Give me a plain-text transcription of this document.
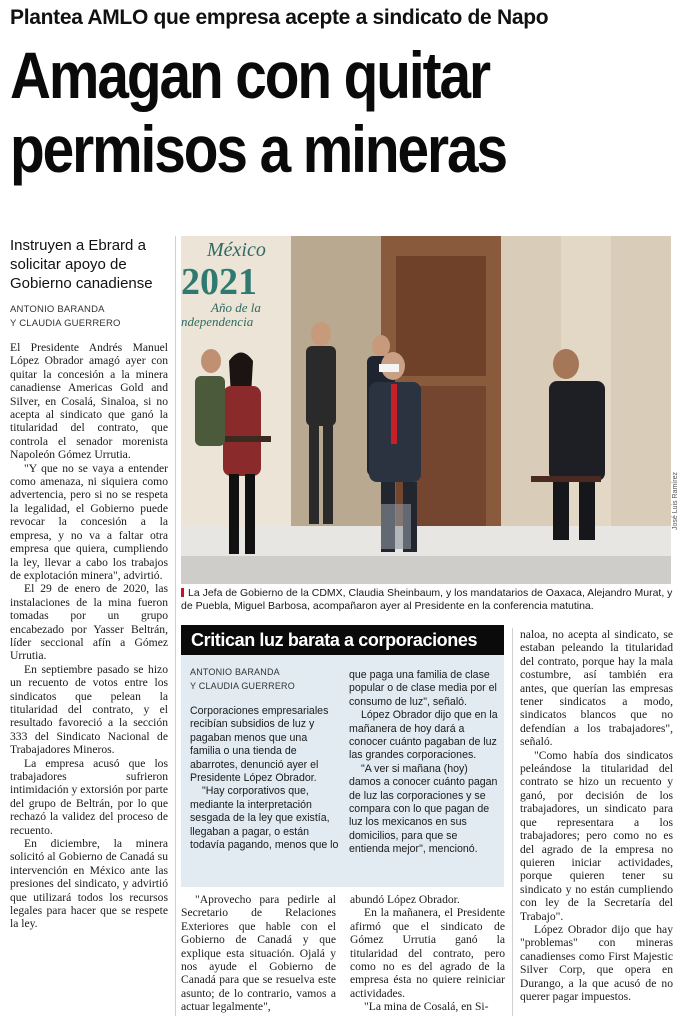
Plantea AMLO que empresa acepte a sindicato de Napo
Amagan con quitar
permisos a mineras
Instruyen a Ebrard a solicitar apoyo de Gobierno canadiense
ANTONIO BARANDA
Y CLAUDIA GUERRERO

El Presidente Andrés Manuel López Obrador amagó ayer con quitar la concesión a la minera canadiense Americas Gold and Silver, en Cosalá, Sinaloa, si no acepta al sindicato que ganó la titularidad del contrato, que controla el senador morenista Napoleón Gómez Urrutia.

"Y que no se vaya a entender como amenaza, ni siquiera como advertencia, pero si no se respeta la legalidad, el Gobierno puede revocar la concesión a la empresa, y no va a faltar otra empresa que quiera, cumpliendo la ley, llevar a cabo los trabajos de explotación minera", advirtió.

El 29 de enero de 2020, las instalaciones de la mina fueron tomadas por un grupo encabezado por Yasser Beltrán, líder seccional afín a Gómez Urrutia.

En septiembre pasado se hizo un recuento de votos entre los sindicatos que pelean la titularidad del contrato, y el resultado favoreció a la sección 333 del Sindicato Nacional de Trabajadores Mineros.

La empresa acusó que los trabajadores sufrieron intimidación y extorsión por parte del grupo de Beltrán, por lo que rechazó la validez del proceso de recuento.

En diciembre, la minera solicitó al Gobierno de Canadá su intervención en México ante las presiones del sindicato, y advirtió que utilizará todos los recursos legales para hacer que se respete la ley.

México
2021
Año de la
ndependencia
José Luis Ramírez
La Jefa de Gobierno de la CDMX, Claudia Sheinbaum, y los mandatarios de Oaxaca, Alejandro Murat, y de Puebla, Miguel Barbosa, acompañaron ayer al Presidente en la conferencia matutina.
Critican luz barata a corporaciones
ANTONIO BARANDA
Y CLAUDIA GUERRERO

Corporaciones empresariales recibían subsidios de luz y pagaban menos que una familia o una tienda de abarrotes, denunció ayer el Presidente López Obrador.

"Hay corporativos que, mediante la interpretación sesgada de la ley que existía, llegaban a pagar, o están todavía pagando, menos que lo

que paga una familia de clase popular o de clase media por el consumo de luz", señaló.

López Obrador dijo que en la mañanera de hoy dará a conocer cuánto pagaban de luz las grandes corporaciones.

"A ver si mañana (hoy) damos a conocer cuánto pagan de luz las corporaciones y se compara con lo que pagan de luz los mexicanos en sus domicilios, para que se entienda mejor", mencionó.

"Aprovecho para pedirle al Secretario de Relaciones Exteriores que hable con el Gobierno de Canadá y que explique esta situación. Ojalá y nos ayude el Gobierno de Canadá para que se resuelva este asunto; de lo contrario, vamos a actuar legalmente",

abundó López Obrador.

En la mañanera, el Presidente afirmó que el sindicato de Gómez Urrutia ganó la titularidad del contrato, pero como no es del agrado de la empresa ésta no quiere reiniciar actividades.

"La mina de Cosalá, en Si-

naloa, no acepta al sindicato, se estaban peleando la titularidad del contrato, porque hay la mala costumbre, así también era antes, que querían las empresas tener sindicatos a modo, sindicatos blancos que no defendían a los trabajadores", señaló.

"Como había dos sindicatos peleándose la titularidad del contrato se hizo un recuento y ganó, por decisión de los trabajadores, un sindicato para que representara a los trabajadores; pero como no es del agrado de la empresa no quieren iniciar actividades, porque quieren tener su sindicato y no están cumpliendo con ley de la Secretaría del Trabajo".

López Obrador dijo que hay "problemas" con mineras canadienses como First Majestic Silver Corp, que opera en Durango, a la que acusó de no querer pagar impuestos.
